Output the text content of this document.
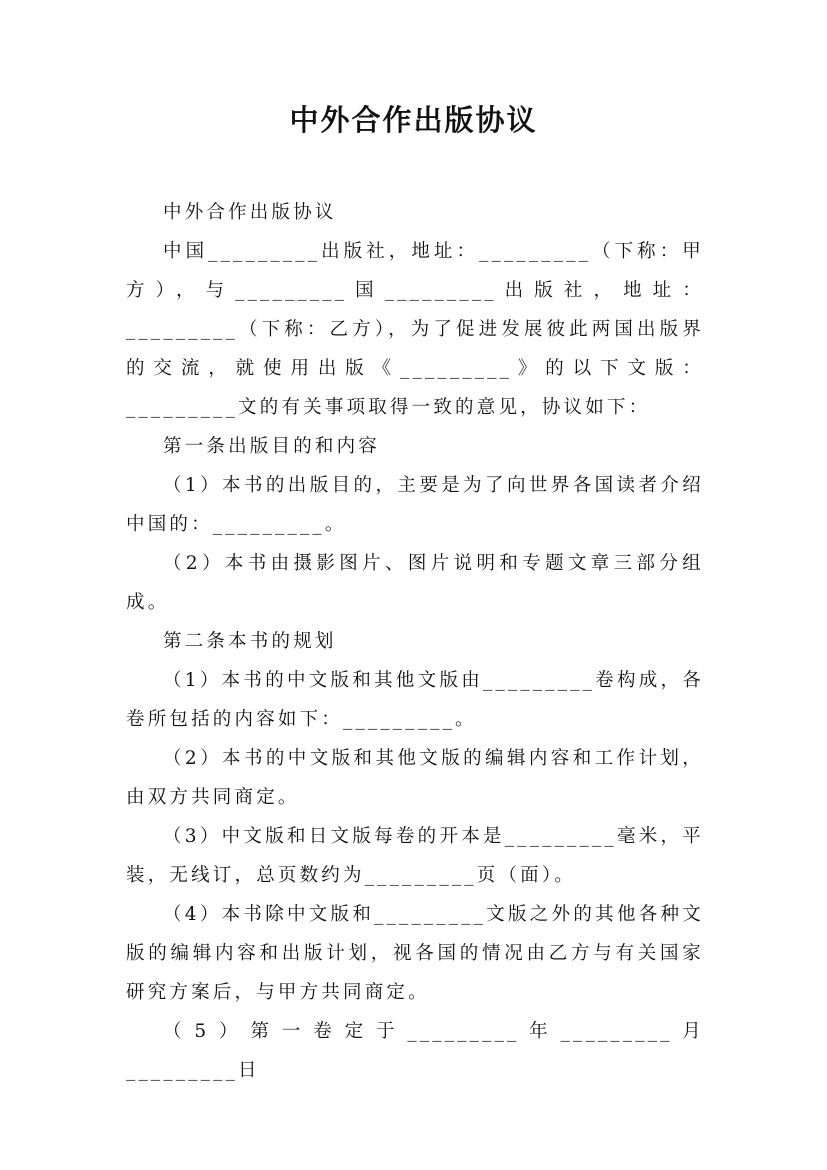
中外合作出版协议

中外合作出版协议

中国_________出版社，地址：_________（下称：甲方），与_________国_________出版社，地址：_________（下称：乙方），为了促进发展彼此两国出版界的交流，就使用出版《_________》的以下文版：_________文的有关事项取得一致的意见，协议如下：

第一条出版目的和内容

（1）本书的出版目的，主要是为了向世界各国读者介绍中国的：_________。

（2）本书由摄影图片、图片说明和专题文章三部分组成。

第二条本书的规划

（1）本书的中文版和其他文版由_________卷构成，各卷所包括的内容如下：_________。

（2）本书的中文版和其他文版的编辑内容和工作计划，由双方共同商定。

（3）中文版和日文版每卷的开本是_________毫米，平装，无线订，总页数约为_________页（面）。

（4）本书除中文版和_________文版之外的其他各种文版的编辑内容和出版计划，视各国的情况由乙方与有关国家研究方案后，与甲方共同商定。

（5）第一卷定于_________年_________月_________日
